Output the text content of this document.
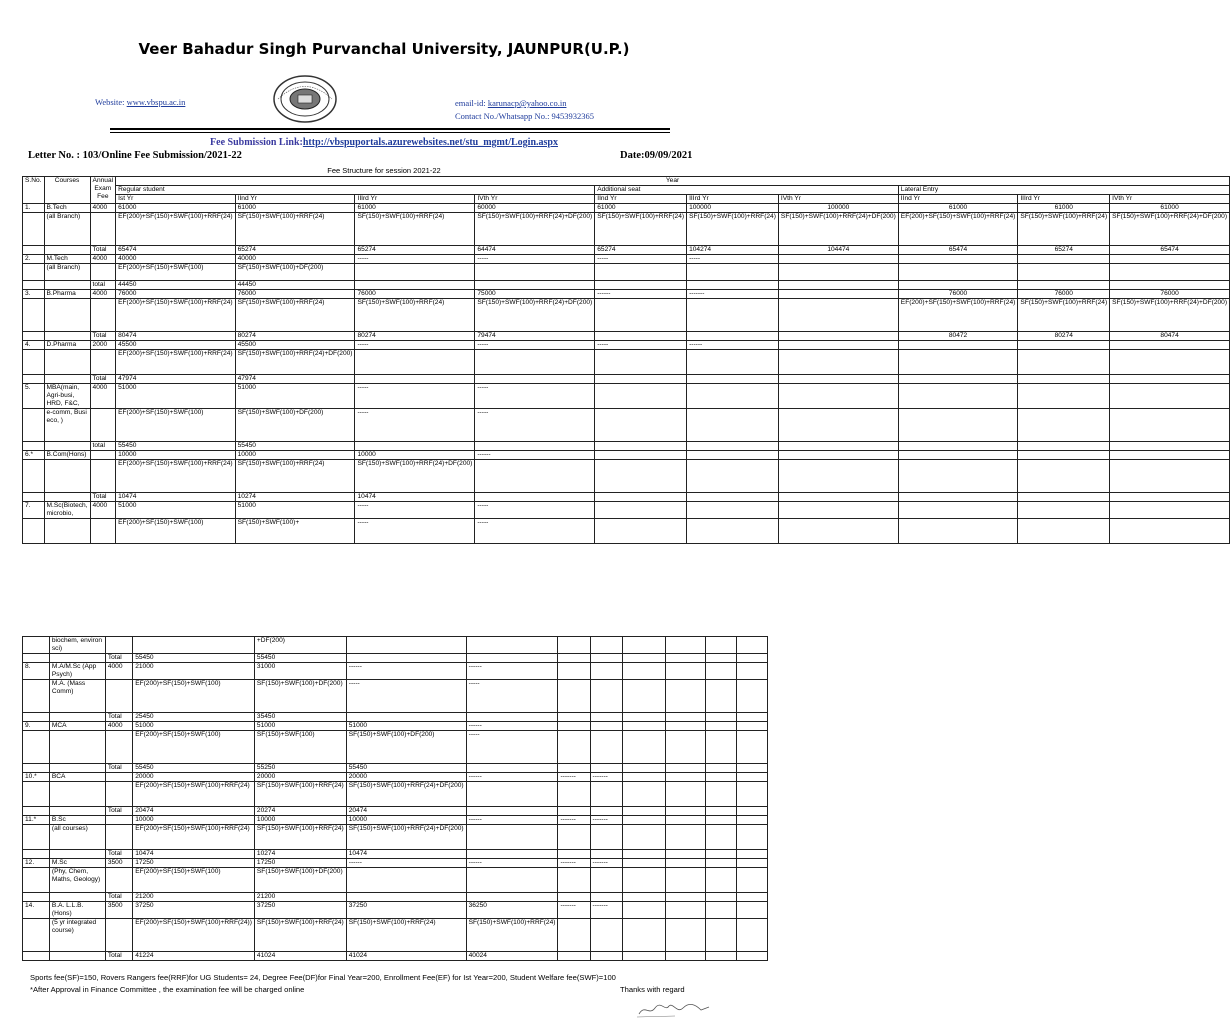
Veer Bahadur Singh Purvanchal University, JAUNPUR(U.P.)
Website: www.vbspu.ac.in	email-id: karunacp@yahoo.co.in
Contact No./Whatsapp No.: 9453932365
Fee Submission Link:http://vbspuportals.azurewebsites.net/stu_mgmt/Login.aspx
Letter No. : 103/Online Fee Submission/2021-22	Date:09/09/2021
Fee Structure for session 2021-22
S.No.	Courses	Annual Exam Fee	Year									
			Regular student				Additional seat			Lateral Entry		
			Ist Yr	IInd Yr	IIIrd Yr	IVth Yr	IInd Yr	IIIrd Yr	IVth Yr	IInd Yr	IIIrd Yr	IVth Yr
1.	B.Tech	4000	61000	61000	61000	60000	61000	100000	100000	61000	61000	61000
	(all Branch)		EF(200)+SF(150)+SWF(100)+RRF(24)	SF(150)+SWF(100)+RRF(24)	SF(150)+SWF(100)+RRF(24)	SF(150)+SWF(100)+RRF(24)+DF(200)	SF(150)+SWF(100)+RRF(24)	SF(150)+SWF(100)+RRF(24)	SF(150)+SWF(100)+RRF(24)+DF(200)	EF(200)+SF(150)+SWF(100)+RRF(24)	SF(150)+SWF(100)+RRF(24)	SF(150)+SWF(100)+RRF(24)+DF(200)
		Total	65474	65274	65274	64474	65274	104274	104474	65474	65274	65474
2.	M.Tech	4000	40000	40000	-----	-----	-----	-----				
	(all Branch)		EF(200)+SF(150)+SWF(100)	SF(150)+SWF(100)+DF(200)								
		total	44450	44450								
3.	B.Pharma	4000	76000	76000	76000	75000	------	-------		76000	76000	76000
			EF(200)+SF(150)+SWF(100)+RRF(24)	SF(150)+SWF(100)+RRF(24)	SF(150)+SWF(100)+RRF(24)	SF(150)+SWF(100)+RRF(24)+DF(200)				EF(200)+SF(150)+SWF(100)+RRF(24)	SF(150)+SWF(100)+RRF(24)	SF(150)+SWF(100)+RRF(24)+DF(200)
		Total	80474	80274	80274	79474				80472	80274	80474
4.	D.Pharma	2000	45500	45500	-----	-----	-----	------				
			EF(200)+SF(150)+SWF(100)+RRF(24)	SF(150)+SWF(100)+RRF(24)+DF(200)								
		Total	47974	47974								
5.	MBA(main, Agri-busi, HRD, F&C,	4000	51000	51000	-----	-----						
	e-comm, Busi eco, )		EF(200)+SF(150)+SWF(100)	SF(150)+SWF(100)+DF(200)	-----	-----						
		total	55450	55450								
6.*	B.Com(Hons)		10000	10000	10000	------						
			EF(200)+SF(150)+SWF(100)+RRF(24)	SF(150)+SWF(100)+RRF(24)	SF(150)+SWF(100)+RRF(24)+DF(200)							
		Total	10474	10274	10474							
7.	M.Sc(Biotech, microbio,	4000	51000	51000	-----	-----						
			EF(200)+SF(150)+SWF(100)	SF(150)+SWF(100)+	-----	-----						
	biochem, environ sci)			+DF(200)								
		Total	55450	55450								
8.	M.A/M.Sc (App Psych)	4000	21000	31000	------	------						
	M.A. (Mass Comm)		EF(200)+SF(150)+SWF(100)	SF(150)+SWF(100)+DF(200)	-----	-----						
		Total	25450	35450								
9.	MCA	4000	51000	51000	51000	------						
			EF(200)+SF(150)+SWF(100)	SF(150)+SWF(100)	SF(150)+SWF(100)+DF(200)	-----						
		Total	55450	55250	55450							
10.*	BCA		20000	20000	20000	------	-------	-------				
			EF(200)+SF(150)+SWF(100)+RRF(24)	SF(150)+SWF(100)+RRF(24)	SF(150)+SWF(100)+RRF(24)+DF(200)							
		Total	20474	20274	20474							
11.*	B.Sc		10000	10000	10000	------	-------	-------				
	(all courses)		EF(200)+SF(150)+SWF(100)+RRF(24)	SF(150)+SWF(100)+RRF(24)	SF(150)+SWF(100)+RRF(24)+DF(200)							
		Total	10474	10274	10474							
12.	M.Sc	3500	17250	17250	------	------	-------	-------				
	(Phy, Chem, Maths, Geology)		EF(200)+SF(150)+SWF(100)	SF(150)+SWF(100)+DF(200)								
		Total	21200	21200								
14.	B.A. L.L.B. (Hons)	3500	37250	37250	37250	36250	-------	-------				
	(5 yr integrated course)		EF(200)+SF(150)+SWF(100)+RRF(24))	SF(150)+SWF(100)+RRF(24)	SF(150)+SWF(100)+RRF(24)	SF(150)+SWF(100)+RRF(24)						
		Total	41224	41024	41024	40024						
Sports fee(SF)=150, Rovers Rangers fee(RRF)for UG Students= 24, Degree Fee(DF)for Final Year=200, Enrollment Fee(EF) for Ist Year=200, Student Welfare fee(SWF)=100
*After Approval in Finance Committee , the examination fee will be charged online	Thanks with regard
